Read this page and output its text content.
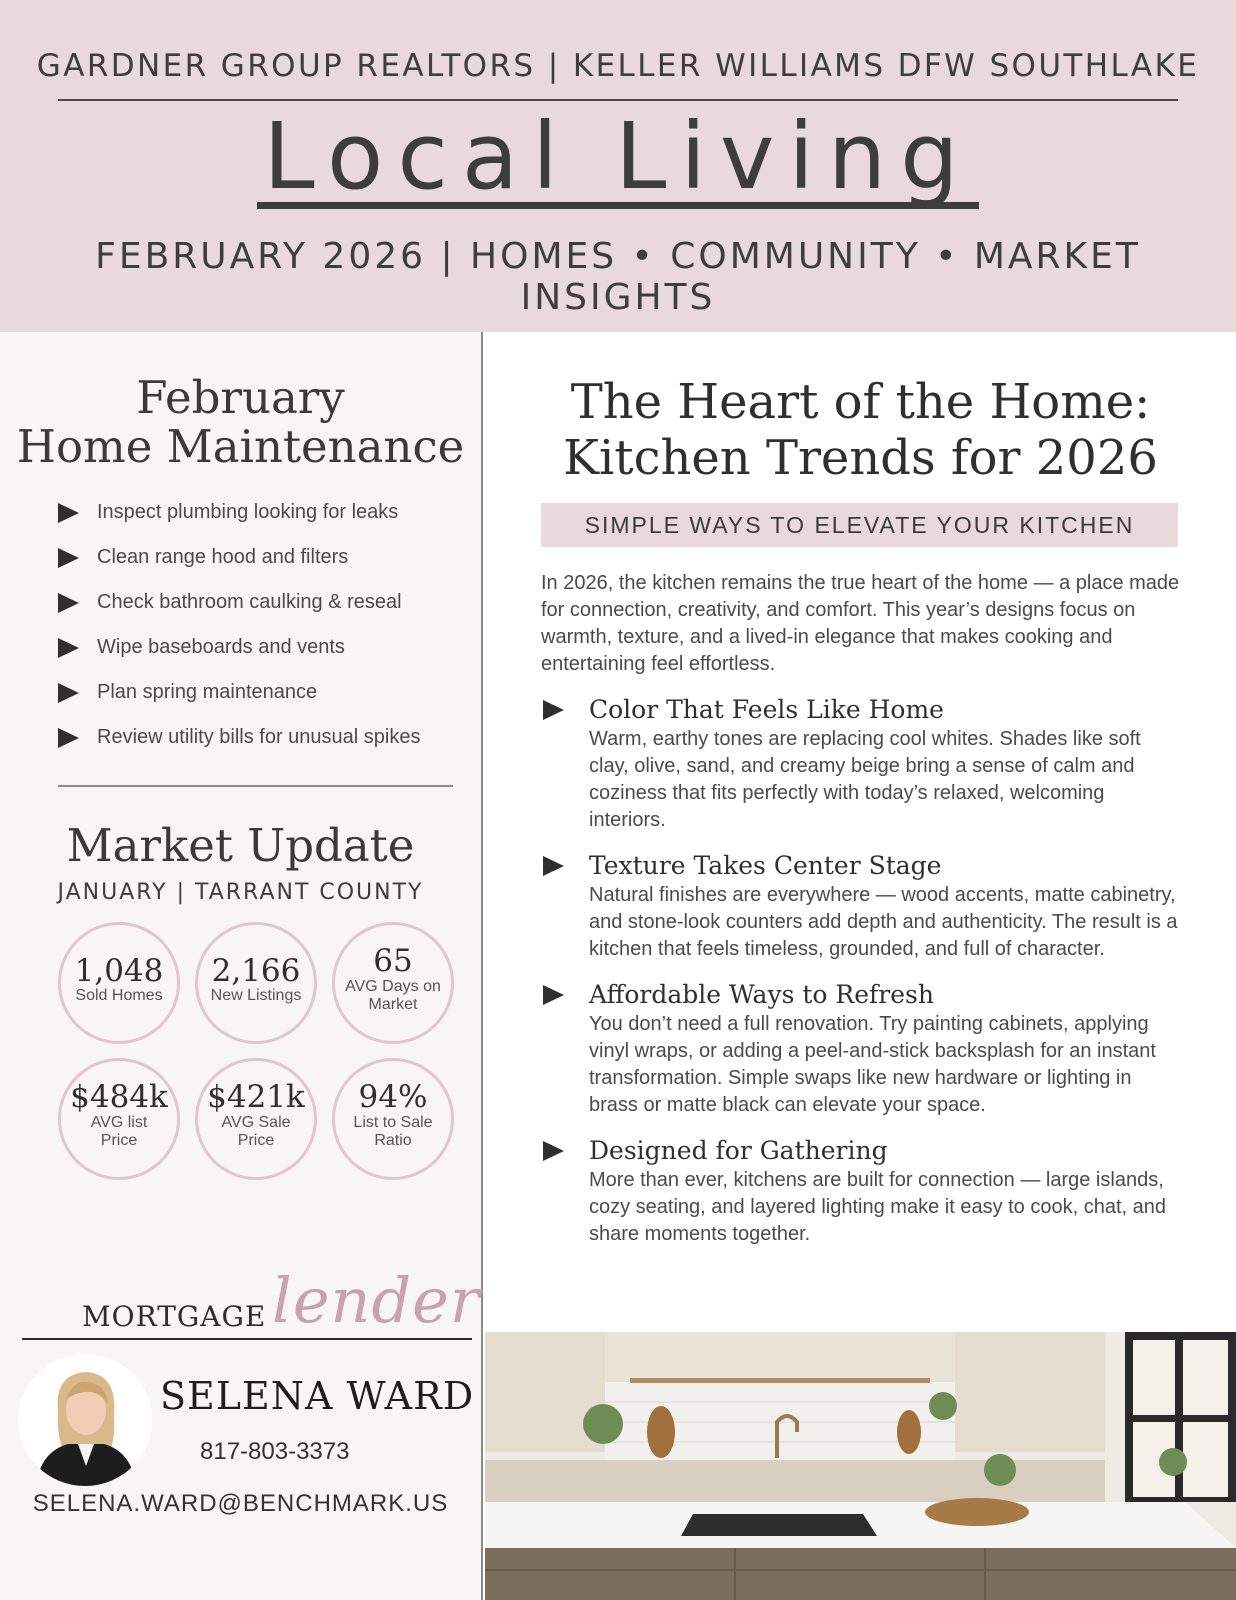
GARDNER GROUP REALTORS | KELLER WILLIAMS DFW SOUTHLAKE
Local Living
FEBRUARY 2026 | HOMES • COMMUNITY • MARKET INSIGHTS
February
Home Maintenance
Inspect plumbing looking for leaks
Clean range hood and filters
Check bathroom caulking & reseal
Wipe baseboards and vents
Plan spring maintenance
Review utility bills for unusual spikes
Market Update
JANUARY | TARRANT COUNTY
1,048
Sold Homes
2,166
New Listings
65
AVG Days on Market
$484k
AVG list Price
$421k
AVG Sale Price
94%
List to Sale Ratio
MORTGAGE lender
SELENA WARD
817-803-3373
SELENA.WARD@BENCHMARK.US
The Heart of the Home:
Kitchen Trends for 2026
SIMPLE WAYS TO ELEVATE YOUR KITCHEN
In 2026, the kitchen remains the true heart of the home — a place made for connection, creativity, and comfort. This year’s designs focus on warmth, texture, and a lived-in elegance that makes cooking and entertaining feel effortless.
Color That Feels Like Home
Warm, earthy tones are replacing cool whites. Shades like soft clay, olive, sand, and creamy beige bring a sense of calm and coziness that fits perfectly with today’s relaxed, welcoming interiors.
Texture Takes Center Stage
Natural finishes are everywhere — wood accents, matte cabinetry, and stone-look counters add depth and authenticity. The result is a kitchen that feels timeless, grounded, and full of character.
Affordable Ways to Refresh
You don’t need a full renovation. Try painting cabinets, applying vinyl wraps, or adding a peel-and-stick backsplash for an instant transformation. Simple swaps like new hardware or lighting in brass or matte black can elevate your space.
Designed for Gathering
More than ever, kitchens are built for connection — large islands, cozy seating, and layered lighting make it easy to cook, chat, and share moments together.
